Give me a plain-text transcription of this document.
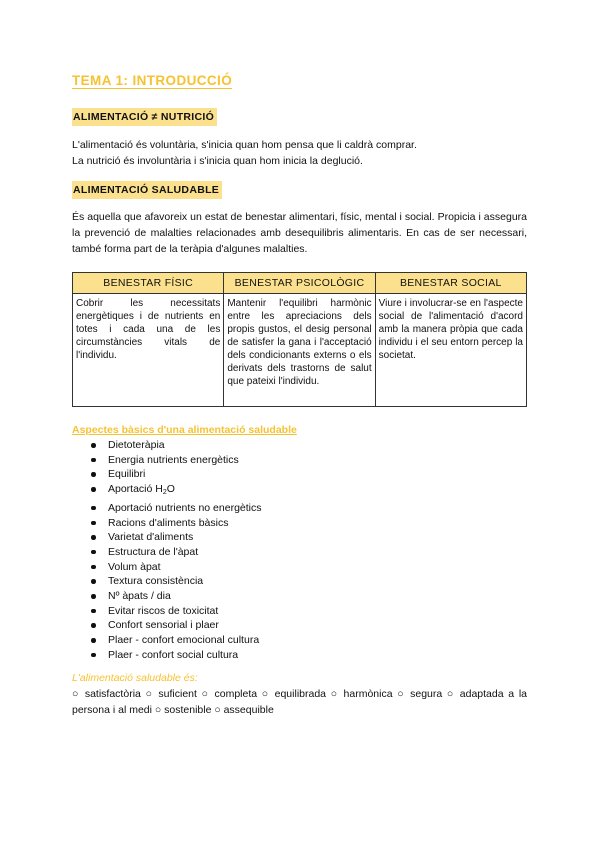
TEMA 1: INTRODUCCIÓ
ALIMENTACIÓ ≠ NUTRICIÓ
L'alimentació és voluntària, s'inicia quan hom pensa que li caldrà comprar.
La nutrició és involuntària i s'inicia quan hom inicia la deglució.
ALIMENTACIÓ SALUDABLE
És aquella que afavoreix un estat de benestar alimentari, físic, mental i social. Propicia i assegura la prevenció de malalties relacionades amb desequilibris alimentaris. En cas de ser necessari, també forma part de la teràpia d'algunes malalties.
BENESTAR FÍSIC	BENESTAR PSICOLÒGIC	BENESTAR SOCIAL
Cobrir les necessitats energètiques i de nutrients en totes i cada una de les circumstàncies vitals de l'individu.	Mantenir l'equilibri harmònic entre les apreciacions dels propis gustos, el desig personal de satisfer la gana i l'acceptació dels condicionants externs o els derivats dels trastorns de salut que pateixi l'individu.	Viure i involucrar-se en l'aspecte social de l'alimentació d'acord amb la manera pròpia que cada individu i el seu entorn percep la societat.
Aspectes bàsics d'una alimentació saludable
Dietoteràpia
Energia nutrients energètics
Equilibri
Aportació $H_2O$
Aportació nutrients no energètics
Racions d'aliments bàsics
Varietat d'aliments
Estructura de l'àpat
Volum àpat
Textura consistència
Nº àpats / dia
Evitar riscos de toxicitat
Confort sensorial i plaer
Plaer - confort emocional cultura
Plaer - confort social cultura
L'alimentació saludable és:
○ satisfactòria ○ suficient ○ completa ○ equilibrada ○ harmònica ○ segura ○ adaptada a la persona i al medi ○ sostenible ○ assequible
